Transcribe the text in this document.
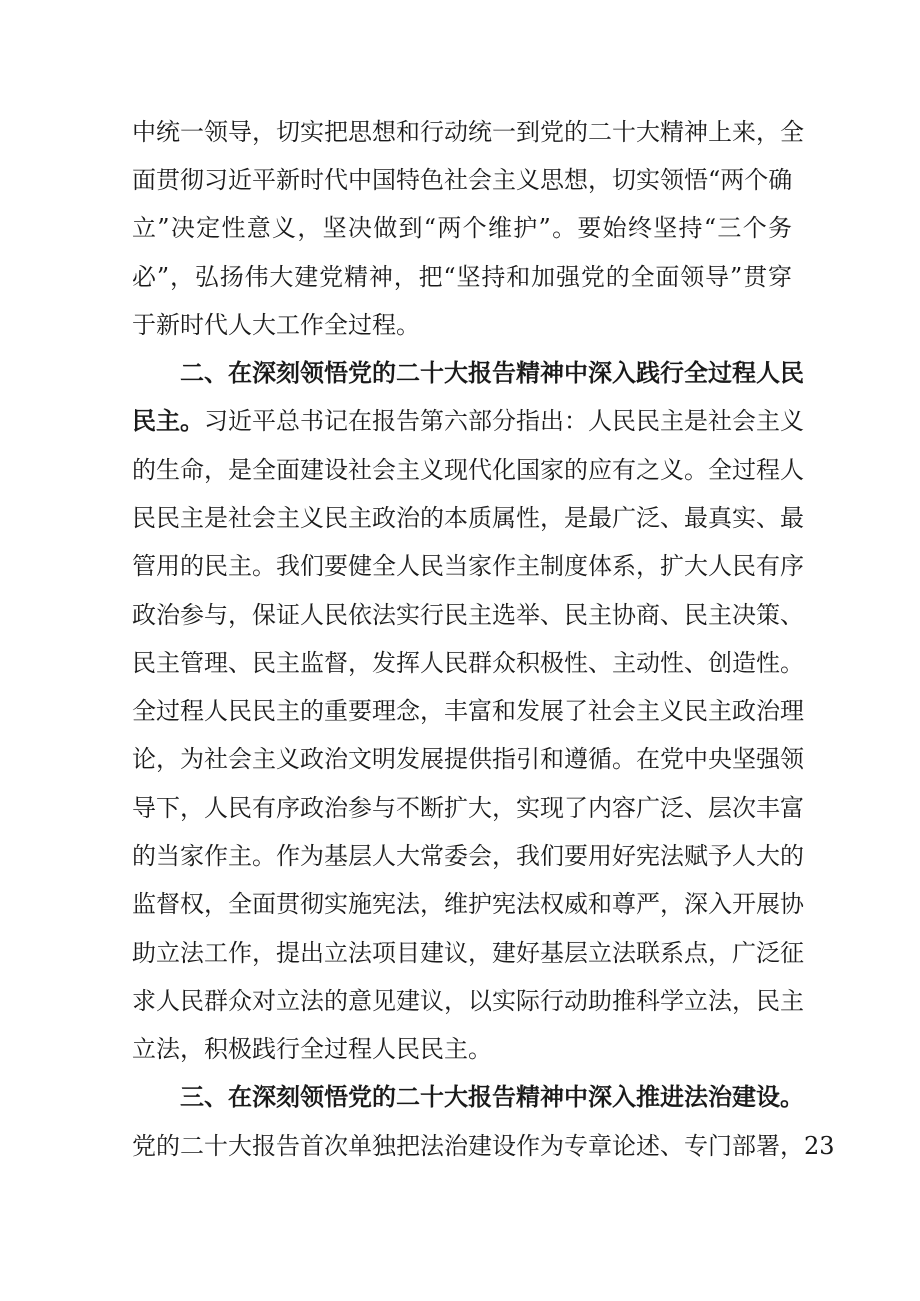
中统一领导，切实把思想和行动统一到党的二十大精神上来，全
面贯彻习近平新时代中国特色社会主义思想，切实领悟“两个确
立”决定性意义，坚决做到“两个维护”。要始终坚持“三个务
必”，弘扬伟大建党精神，把“坚持和加强党的全面领导”贯穿
于新时代人大工作全过程。
二、在深刻领悟党的二十大报告精神中深入践行全过程人民
民主。习近平总书记在报告第六部分指出：人民民主是社会主义
的生命，是全面建设社会主义现代化国家的应有之义。全过程人
民民主是社会主义民主政治的本质属性，是最广泛、最真实、最
管用的民主。我们要健全人民当家作主制度体系，扩大人民有序
政治参与，保证人民依法实行民主选举、民主协商、民主决策、
民主管理、民主监督，发挥人民群众积极性、主动性、创造性。
全过程人民民主的重要理念，丰富和发展了社会主义民主政治理
论，为社会主义政治文明发展提供指引和遵循。在党中央坚强领
导下，人民有序政治参与不断扩大，实现了内容广泛、层次丰富
的当家作主。作为基层人大常委会，我们要用好宪法赋予人大的
监督权，全面贯彻实施宪法，维护宪法权威和尊严，深入开展协
助立法工作，提出立法项目建议，建好基层立法联系点，广泛征
求人民群众对立法的意见建议，以实际行动助推科学立法，民主
立法，积极践行全过程人民民主。
三、在深刻领悟党的二十大报告精神中深入推进法治建设。
党的二十大报告首次单独把法治建设作为专章论述、专门部署，23
